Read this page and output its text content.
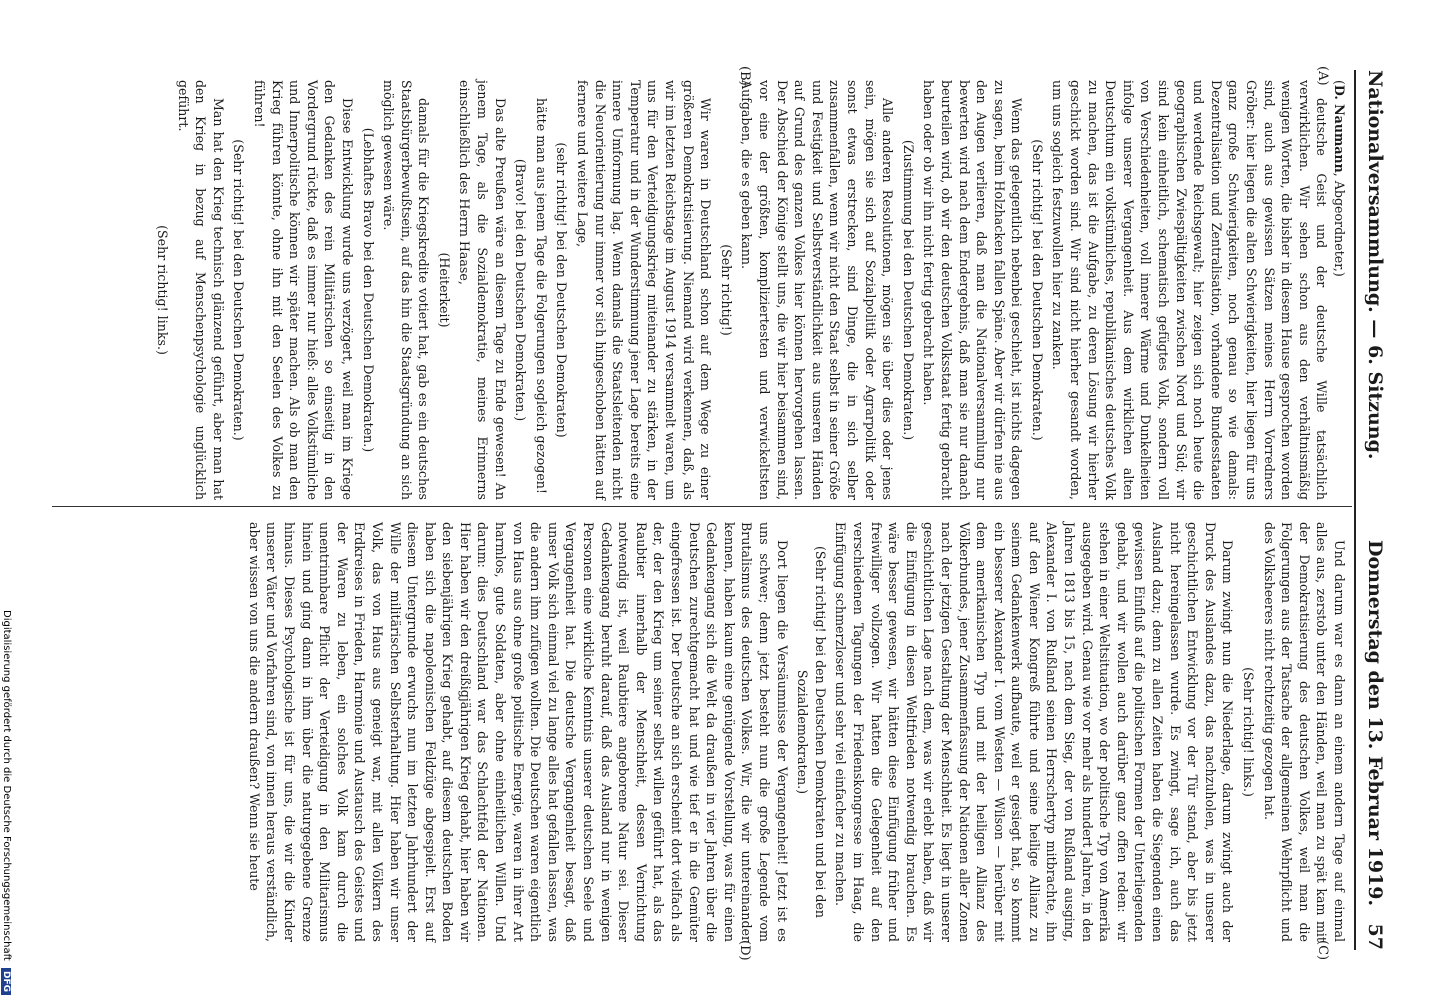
Nationalversammlung. — 6. Sitzung.
Donnerstag den 13. Februar 1919.
57
(A)
(B)
(C)
(D)

(D. Naumann, Abgeordneter,)

deutsche Geist und der deutsche Wille tatsächlich verwirklichen. Wir sehen schon aus den verhältnismäßig wenigen Worten, die bisher in diesem Hause gesprochen worden sind, auch aus gewissen Sätzen meines Herrn Vorredners Gröber: hier liegen die alten Schwierigkeiten, hier liegen für uns ganz große Schwierigkeiten, noch genau so wie damals: Dezentralisation und Zentralisation, vorhandene Bundesstaaten und werdende Reichsgewalt; hier zeigen sich noch heute die geographischen Zwiespältigkeiten zwischen Nord und Süd; wir sind kein einheitlich, schematisch gefügtes Volk, sondern voll von Verschiedenheiten, voll innerer Wärme und Dunkelheiten infolge unserer Vergangenheit. Aus dem wirklichen alten Deutschtum ein volkstümliches, republikanisches deutsches Volk zu machen, das ist die Aufgabe, zu deren Lösung wir hierher geschickt worden sind. Wir sind nicht hierher gesandt worden, um uns sogleich festzuwollen hier zu zanken.

(Sehr richtig! bei den Deutschen Demokraten.)

Wenn das gelegentlich nebenbei geschieht, ist nichts dagegen zu sagen, beim Holzhacken fallen Späne. Aber wir dürfen nie aus den Augen verlieren, daß man die Nationalversammlung nur bewerten wird nach dem Endergebnis, daß man sie nur danach beurteilen wird, ob wir den deutschen Volksstaat fertig gebracht haben oder ob wir ihn nicht fertig gebracht haben.

(Zustimmung bei den Deutschen Demokraten.)

Alle anderen Resolutionen, mögen sie über dies oder jenes sein, mögen sie sich auf Sozialpolitik oder Agrarpolitik oder sonst etwas erstrecken, sind Dinge, die in sich selber zusammenfallen, wenn wir nicht den Staat selbst in seiner Größe und Festigkeit und Selbstverständlichkeit aus unseren Händen auf Grund des ganzen Volkes hier können hervorgehen lassen. Der Abschied der Könige stellt uns, die wir hier beisammen sind, vor eine der größten, kompliziertesten und verwickeltsten Aufgaben, die es geben kann.

(Sehr richtig!)

Wir waren in Deutschland schon auf dem Wege zu einer größeren Demokratisierung. Niemand wird verkennen, daß, als wir im letzten Reichstage im August 1914 versammelt waren, um uns für den Verteidigungskrieg miteinander zu stärken, in der Temperatur und in der Wunderstimmung jener Lage bereits eine innere Umformung lag. Wenn damals die Staatsleitenden nicht die Neuorientierung nur immer vor sich hingeschoben hätten auf fernere und weitere Lage,

(sehr richtig! bei den Deutschen Demokraten)

hätte man aus jenem Tage die Folgerungen sogleich gezogen!

(Bravo! bei den Deutschen Demokraten.)

Das alte Preußen wäre an diesem Tage zu Ende gewesen! An jenem Tage, als die Sozialdemokratie, meines Erinnerns einschließlich des Herrn Haase,

(Heiterkeit)

damals für die Kriegskredite votiert hat, gab es ein deutsches Staatsbürgerbewußtsein, auf das hin die Staatsgründung an sich möglich gewesen wäre.

(Lebhaftes Bravo bei den Deutschen Demokraten.)

Diese Entwicklung wurde uns verzögert, weil man im Kriege den Gedanken des rein Militärischen so einseitig in den Vordergrund rückte, daß es immer nur hieß: alles Volkstümliche und Innerpolitische können wir später machen. Als ob man den Krieg führen könnte, ohne ihn mit den Seelen des Volkes zu führen!

(Sehr richtig! bei den Deutschen Demokraten.)

Man hat den Krieg technisch glänzend geführt, aber man hat den Krieg in bezug auf Menschenpsychologie unglücklich geführt.

(Sehr richtig! links.)

Und darum war es dann an einem andern Tage auf einmal alles aus, zerstob unter den Händen, weil man zu spät kam mit der Demokratisierung des deutschen Volkes, weil man die Folgerungen aus der Tatsache der allgemeinen Wehrpflicht und des Volksheeres nicht rechtzeitig gezogen hat.

(Sehr richtig! links.)

Darum zwingt nun die Niederlage, darum zwingt auch der Druck des Auslandes dazu, das nachzuholen, was in unserer geschichtlichen Entwicklung vor der Tür stand, aber bis jetzt nicht hereingelassen wurde. Es zwingt, sage ich, auch das Ausland dazu; denn zu allen Zeiten haben die Siegenden einen gewissen Einfluß auf die politischen Formen der Unterliegenden gehabt, und wir wollen auch darüber ganz offen reden: wir stehen in einer Weltsituation, wo der politische Typ von Amerika ausgegeben wird. Genau wie vor mehr als hundert Jahren, in den Jahren 1813 bis 15, nach dem Sieg, der von Rußland ausging, Alexander I. von Rußland seinen Herrschertyp mitbrachte, ihn auf den Wiener Kongreß führte und seine heilige Allianz zu seinem Gedankenwerk aufbaute, weil er gesiegt hat, so kommt ein besserer Alexander I. vom Westen — Wilson — herüber mit dem amerikanischen Typ und mit der heiligen Allianz des Völkerbundes, jener Zusammenfassung der Nationen aller Zonen nach der jetzigen Gestaltung der Menschheit. Es liegt in unserer geschichtlichen Lage nach dem, was wir erlebt haben, daß wir die Einfügung in diesen Weltfrieden notwendig brauchen. Es wäre besser gewesen, wir hätten diese Einfügung früher und freiwilliger vollzogen. Wir hatten die Gelegenheit auf den verschiedenen Tagungen der Friedenskongresse im Haag, die Einfügung schmerzloser und sehr viel einfacher zu machen.

(Sehr richtig! bei den Deutschen Demokraten und bei den Sozialdemokraten.)

Dort liegen die Versäumnisse der Vergangenheit! Jetzt ist es uns schwer; denn jetzt besteht nun die große Legende vom Brutalismus des deutschen Volkes. Wir, die wir untereinander kennen, haben kaum eine genügende Vorstellung, was für einen Gedankengang sich die Welt da draußen in vier Jahren über die Deutschen zurechtgemacht hat und wie tief er in die Gemüter eingefressen ist. Der Deutsche an sich erscheint dort vielfach als der, der den Krieg um seiner selbst willen geführt hat, als das Raubtier innerhalb der Menschheit, dessen Vernichtung notwendig ist, weil Raubtiere angeborene Natur sei. Dieser Gedankengang beruht darauf, daß das Ausland nur in wenigen Personen eine wirkliche Kenntnis unserer deutschen Seele und Vergangenheit hat. Die deutsche Vergangenheit besagt, daß unser Volk sich einmal viel zu lange alles hat gefallen lassen, was die andern ihm zufügen wollten. Die Deutschen waren eigentlich von Haus aus ohne große politische Energie, waren in ihrer Art harmlos, gute Soldaten, aber ohne einheitlichen Willen. Und darum: dies Deutschland war das Schlachtfeld der Nationen. Hier haben wir den dreißigjährigen Krieg gehabt, hier haben wir den siebenjährigen Krieg gehabt, auf diesem deutschen Boden haben sich die napoleonischen Feldzüge abgespielt. Erst auf diesem Untergrunde erwuchs nun im letzten Jahrhundert der Wille der militärischen Selbsterhaltung. Hier haben wir unser Volk, das von Haus aus geneigt war, mit allen Völkern des Erdkreises in Frieden, Harmonie und Austausch des Geistes und der Waren zu leben, ein solches Volk kam durch die unentrinnbare Pflicht der Verteidigung in den Militarismus hinein und ging dann in ihm über die naturgegebene Grenze hinaus. Dieses Psychologische ist für uns, die wir die Kinder unserer Väter und Vorfahren sind, von innen heraus verständlich, aber wissen von uns die andern draußen? Wenn sie heute

Digitalisierung gefördert durch die Deutsche Forschungsgemeinschaft DFG
